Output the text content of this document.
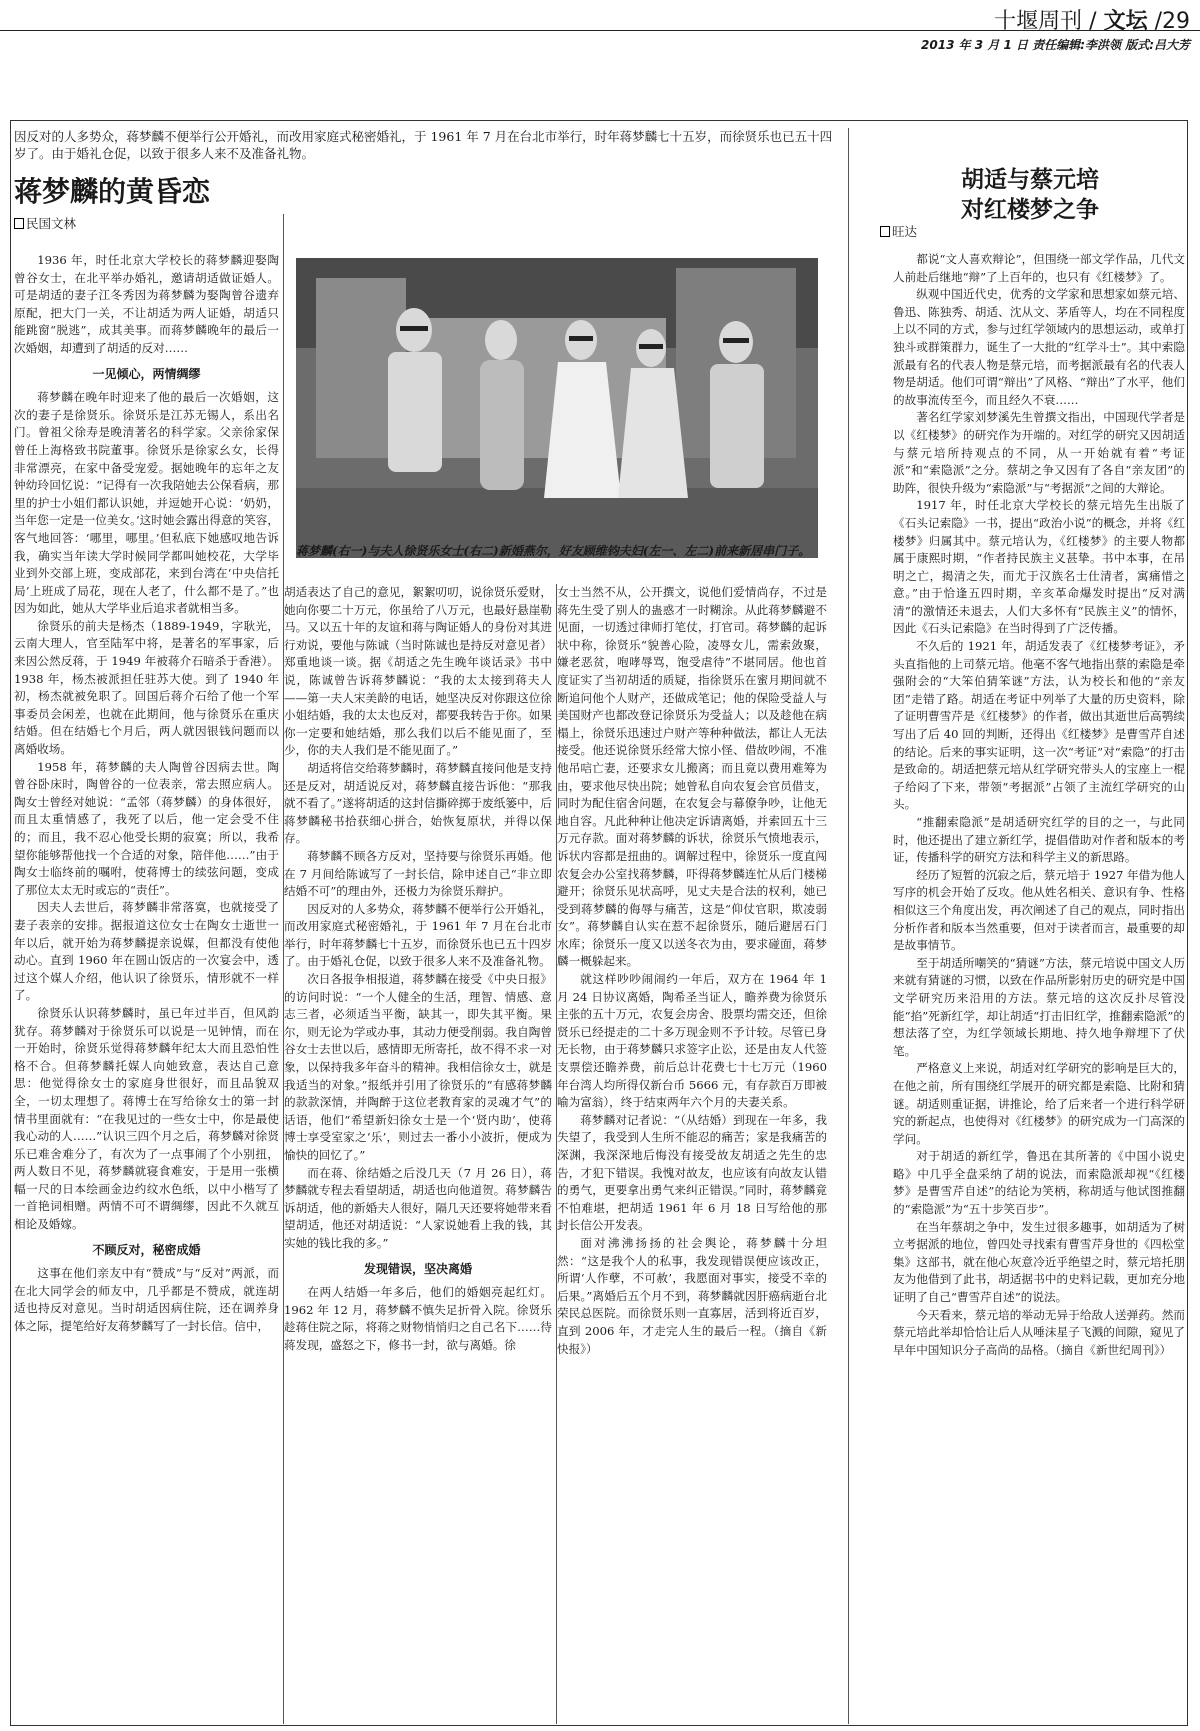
十堰周刊 / 文坛 /29
2013 年 3 月 1 日 责任编辑:李洪领 版式:吕大芳

因反对的人多势众，蒋梦麟不便举行公开婚礼，而改用家庭式秘密婚礼，于 1961 年 7 月在台北市举行，时年蒋梦麟七十五岁，而徐贤乐也已五十四岁了。由于婚礼仓促，以致于很多人来不及准备礼物。

蒋梦麟的黄昏恋

民国文林

1936 年，时任北京大学校长的蒋梦麟迎娶陶曾谷女士，在北平举办婚礼，邀请胡适做证婚人。可是胡适的妻子江冬秀因为蒋梦麟为娶陶曾谷遗弃原配，把大门一关，不让胡适为两人证婚，胡适只能跳窗“脱逃”，成其美事。而蒋梦麟晚年的最后一次婚姻，却遭到了胡适的反对……

一见倾心，两情绸缪

蒋梦麟在晚年时迎来了他的最后一次婚姻，这次的妻子是徐贤乐。徐贤乐是江苏无锡人，系出名门。曾祖父徐寿是晚清著名的科学家。父亲徐家保曾任上海格致书院董事。徐贤乐是徐家幺女，长得非常漂亮，在家中备受宠爱。据她晚年的忘年之友钟幼玲回忆说：“记得有一次我陪她去公保看病，那里的护士小姐们都认识她，并逗她开心说：‘奶奶，当年您一定是一位美女。’这时她会露出得意的笑容，客气地回答：‘哪里，哪里。’但私底下她感叹地告诉我，确实当年读大学时候同学都叫她校花，大学毕业到外交部上班，变成部花，来到台湾在‘中央信托局’上班成了局花，现在人老了，什么都不是了。”也因为如此，她从大学毕业后追求者就相当多。

徐贤乐的前夫是杨杰（1889-1949，字耿光，云南大理人，官至陆军中将，是著名的军事家，后来因公然反蒋，于 1949 年被蒋介石暗杀于香港）。1938 年，杨杰被派担任驻苏大使。到了 1940 年初，杨杰就被免职了。回国后蒋介石给了他一个军事委员会闲差，也就在此期间，他与徐贤乐在重庆结婚。但在结婚七个月后，两人就因银钱问题而以离婚收场。

1958 年，蒋梦麟的夫人陶曾谷因病去世。陶曾谷卧床时，陶曾谷的一位表亲，常去照应病人。陶女士曾经对她说：“孟邻（蒋梦麟）的身体很好，而且太重情感了，我死了以后，他一定会受不住的；而且，我不忍心他受长期的寂寞；所以，我希望你能够帮他找一个合适的对象，陪伴他……”由于陶女士临终前的嘱咐，使蒋博士的续弦问题，变成了那位太太无时或忘的“责任”。

因夫人去世后，蒋梦麟非常落寞，也就接受了妻子表亲的安排。据报道这位女士在陶女士逝世一年以后，就开始为蒋梦麟提亲说媒，但都没有使他动心。直到 1960 年在圆山饭店的一次宴会中，透过这个媒人介绍，他认识了徐贤乐，情形就不一样了。

徐贤乐认识蒋梦麟时，虽已年过半百，但风韵犹存。蒋梦麟对于徐贤乐可以说是一见钟情，而在一开始时，徐贤乐觉得蒋梦麟年纪太大而且恐怕性格不合。但蒋梦麟托媒人向她致意，表达自己意思：他觉得徐女士的家庭身世很好，而且品貌双全，一切太理想了。蒋博士在写给徐女士的第一封情书里面就有：“在我见过的一些女士中，你是最使我心动的人……”认识三四个月之后，蒋梦麟对徐贤乐已难舍难分了，有次为了一点事闹了个小别扭，两人数日不见，蒋梦麟就寝食难安，于是用一张横幅一尺的日本绘画金边约纹水色纸，以中小楷写了一首艳词相赠。两情不可不谓绸缪，因此不久就互相论及婚嫁。

不顾反对，秘密成婚

这事在他们亲友中有“赞成”与“反对”两派，而在北大同学会的师友中，几乎都是不赞成，就连胡适也持反对意见。当时胡适因病住院，还在调养身体之际，提笔给好友蒋梦麟写了一封长信。信中，

蒋梦麟(右一)与夫人徐贤乐女士(右二)新婚燕尔，好友顾维钧夫妇(左一、左二)前来新居串门子。

胡适表达了自己的意见，絮絮叨叨，说徐贤乐爱财，她向你要二十万元，你虽给了八万元，也最好悬崖勒马。又以五十年的友谊和蒋与陶证婚人的身份对其进行劝说，要他与陈诚（当时陈诚也是持反对意见者）郑重地谈一谈。据《胡适之先生晚年谈话录》书中说，陈诚曾告诉蒋梦麟说：“我的太太接到蒋夫人——第一夫人宋美龄的电话，她坚决反对你跟这位徐小姐结婚，我的太太也反对，都要我转告于你。如果你一定要和她结婚，那么我们以后不能见面了，至少，你的夫人我们是不能见面了。”

胡适将信交给蒋梦麟时，蒋梦麟直接问他是支持还是反对，胡适说反对，蒋梦麟直接告诉他：“那我就不看了。”遂将胡适的这封信撕碎掷于废纸篓中，后蒋梦麟秘书拾获细心拼合，始恢复原状，并得以保存。

蒋梦麟不顾各方反对，坚持要与徐贤乐再婚。他在 7 月间给陈诚写了一封长信，除申述自己“非立即结婚不可”的理由外，还极力为徐贤乐辩护。

因反对的人多势众，蒋梦麟不便举行公开婚礼，而改用家庭式秘密婚礼，于 1961 年 7 月在台北市举行，时年蒋梦麟七十五岁，而徐贤乐也已五十四岁了。由于婚礼仓促，以致于很多人来不及准备礼物。

次日各报争相报道，蒋梦麟在接受《中央日报》的访问时说：“一个人健全的生活，理智、情感、意志三者，必须适当平衡，缺其一，即失其平衡。果尔，则无论为学或办事，其动力便受削弱。我自陶曾谷女士去世以后，感情即无所寄托，故不得不求一对象，以保持我多年奋斗的精神。我相信徐女士，就是我适当的对象。”报纸并引用了徐贤乐的“有感蒋梦麟的款款深情，并陶醉于这位老教育家的灵魂才气”的话语，他们“希望新妇徐女士是一个‘贤内助’，使蒋博士享受室家之‘乐’，则过去一番小小波折，便成为愉快的回忆了。”

而在蒋、徐结婚之后没几天（7 月 26 日），蒋梦麟就专程去看望胡适，胡适也向他道贺。蒋梦麟告诉胡适，他的新婚夫人很好，隔几天还要将她带来看望胡适，他还对胡适说：“人家说她看上我的钱，其实她的钱比我的多。”

发现错误，坚决离婚

在两人结婚一年多后，他们的婚姻亮起红灯。1962 年 12 月，蒋梦麟不慎失足折骨入院。徐贤乐趁蒋住院之际，将蒋之财物悄悄归之自己名下……待蒋发现，盛怒之下，修书一封，欲与离婚。徐

女士当然不从，公开撰文，说他们爱情尚存，不过是蒋先生受了别人的蛊惑才一时糊涂。从此蒋梦麟避不见面，一切透过律师打笔仗，打官司。蒋梦麟的起诉状中称，徐贤乐“貌善心险，凌辱女儿，需索敛聚，嫌老恶贫，咆哮辱骂，饱受虐待”不堪同居。他也首度证实了当初胡适的质疑，指徐贤乐在蜜月期间就不断追问他个人财产，还做成笔记；他的保险受益人与美国财产也都改登记徐贤乐为受益人；以及趁他在病榻上，徐贤乐迅速过户财产等种种做法，都让人无法接受。他还说徐贤乐经常大惊小怪、借故吵闹，不准他吊唁亡妻，还要求女儿搬离；而且竟以费用难筹为由，要求他尽快出院；她曾私自向农复会官员借支，同时为配住宿舍问题，在农复会与幕僚争吵，让他无地自容。凡此种种让他决定诉请离婚，并索回五十三万元存款。面对蒋梦麟的诉状，徐贤乐气愤地表示，诉状内容都是扭曲的。调解过程中，徐贤乐一度直闯农复会办公室找蒋梦麟，吓得蒋梦麟连忙从后门楼梯避开；徐贤乐见状高呼，见丈夫是合法的权利，她已受到蒋梦麟的侮辱与痛苦，这是“仰仗官职，欺凌弱女”。蒋梦麟自认实在惹不起徐贤乐，随后避居石门水库；徐贤乐一度又以送冬衣为由，要求碰面，蒋梦麟一概躲起来。

就这样吵吵闹闹约一年后，双方在 1964 年 1 月 24 日协议离婚，陶希圣当证人，瞻养费为徐贤乐主张的五十万元，农复会房舍、股票均需交还，但徐贤乐已经提走的二十多万现金则不予计较。尽管已身无长物，由于蒋梦麟只求签字止讼，还是由友人代签支票偿还瞻养费，前后总计花费七十七万元（1960 年台湾人均所得仅新台币 5666 元，有存款百万即被喻为富翁），终于结束两年六个月的夫妻关系。

蒋梦麟对记者说：“（从结婚）到现在一年多，我失望了，我受到人生所不能忍的痛苦；家是我痛苦的深渊，我深深地后悔没有接受故友胡适之先生的忠告，才犯下错误。我愧对故友，也应该有向故友认错的勇气，更要拿出勇气来纠正错误。”同时，蒋梦麟竟不怕难堪，把胡适 1961 年 6 月 18 日写给他的那封长信公开发表。

面对沸沸扬扬的社会舆论，蒋梦麟十分坦然：“这是我个人的私事，我发现错误便应该改正，所谓‘人作孽，不可赦’，我愿面对事实，接受不幸的后果。”离婚后五个月不到，蒋梦麟就因肝癌病逝台北荣民总医院。而徐贤乐则一直寡居，活到将近百岁，直到 2006 年，才走完人生的最后一程。（摘自《新快报》）

胡适与蔡元培
对红楼梦之争

旺达

都说“文人喜欢辩论”，但围绕一部文学作品，几代文人前赴后继地“辩”了上百年的，也只有《红楼梦》了。

纵观中国近代史，优秀的文学家和思想家如蔡元培、鲁迅、陈独秀、胡适、沈从文、茅盾等人，均在不同程度上以不同的方式，参与过红学领域内的思想运动，或单打独斗或群策群力，诞生了一大批的“红学斗士”。其中索隐派最有名的代表人物是蔡元培，而考据派最有名的代表人物是胡适。他们可谓“辩出”了风格、“辩出”了水平，他们的故事流传至今，而且经久不衰……

著名红学家刘梦溪先生曾撰文指出，中国现代学者是以《红楼梦》的研究作为开端的。对红学的研究又因胡适与蔡元培所持观点的不同，从一开始就有着“考证派”和“索隐派”之分。蔡胡之争又因有了各自“亲友团”的助阵，很快升级为“索隐派”与“考据派”之间的大辩论。

1917 年，时任北京大学校长的蔡元培先生出版了《石头记索隐》一书，提出“政治小说”的概念，并将《红楼梦》归属其中。蔡元培认为，《红楼梦》的主要人物都属于康熙时期，“作者持民族主义甚挚。书中本事，在吊明之亡，揭清之失，而尤于汉族名士仕清者，寓痛惜之意。”由于恰逢五四时期，辛亥革命爆发时提出“反对满清”的激情还未退去，人们大多怀有“民族主义”的情怀，因此《石头记索隐》在当时得到了广泛传播。

不久后的 1921 年，胡适发表了《红楼梦考证》，矛头直指他的上司蔡元培。他毫不客气地指出蔡的索隐是牵强附会的“大笨伯猜笨谜”方法，认为校长和他的“亲友团”走错了路。胡适在考证中列举了大量的历史资料，除了证明曹雪芹是《红楼梦》的作者，做出其逝世后高鹗续写出了后 40 回的判断，还得出《红楼梦》是曹雪芹自述的结论。后来的事实证明，这一次“考证”对“索隐”的打击是致命的。胡适把蔡元培从红学研究带头人的宝座上一棍子给闷了下来，带领“考据派”占领了主流红学研究的山头。

“推翻索隐派”是胡适研究红学的目的之一，与此同时，他还提出了建立新红学，提倡借助对作者和版本的考证，传播科学的研究方法和科学主义的新思路。

经历了短暂的沉寂之后，蔡元培于 1927 年借为他人写序的机会开始了反攻。他从姓名相关、意识有争、性格相似这三个角度出发，再次阐述了自己的观点，同时指出分析作者和版本当然重要，但对于读者而言，最重要的却是故事情节。

至于胡适所嘲笑的“猜谜”方法，蔡元培说中国文人历来就有猜谜的习惯，以致在作品所影射历史的研究是中国文学研究历来沿用的方法。蔡元培的这次反扑尽管没能“掐”死新红学，却让胡适“打击旧红学，推翻索隐派”的想法落了空，为红学领域长期地、持久地争辩埋下了伏笔。

严格意义上来说，胡适对红学研究的影响是巨大的，在他之前，所有围绕红学展开的研究都是索隐、比附和猜谜。胡适则重证据，讲推论，给了后来者一个进行科学研究的新起点，也使得对《红楼梦》的研究成为一门高深的学问。

对于胡适的新红学，鲁迅在其所著的《中国小说史略》中几乎全盘采纳了胡的说法，而索隐派却视“《红楼梦》是曹雪芹自述”的结论为笑柄，称胡适与他试图推翻的“索隐派”为“五十步笑百步”。

在当年蔡胡之争中，发生过很多趣事，如胡适为了树立考据派的地位，曾四处寻找索有曹雪芹身世的《四松堂集》这部书，就在他心灰意冷近乎绝望之时，蔡元培托朋友为他借到了此书，胡适据书中的史料记载，更加充分地证明了自己“曹雪芹自述”的说法。

今天看来，蔡元培的举动无异于给敌人送弹药。然而蔡元培此举却恰恰让后人从唾沫星子飞溅的间隙，窥见了早年中国知识分子高尚的品格。（摘自《新世纪周刊》）
